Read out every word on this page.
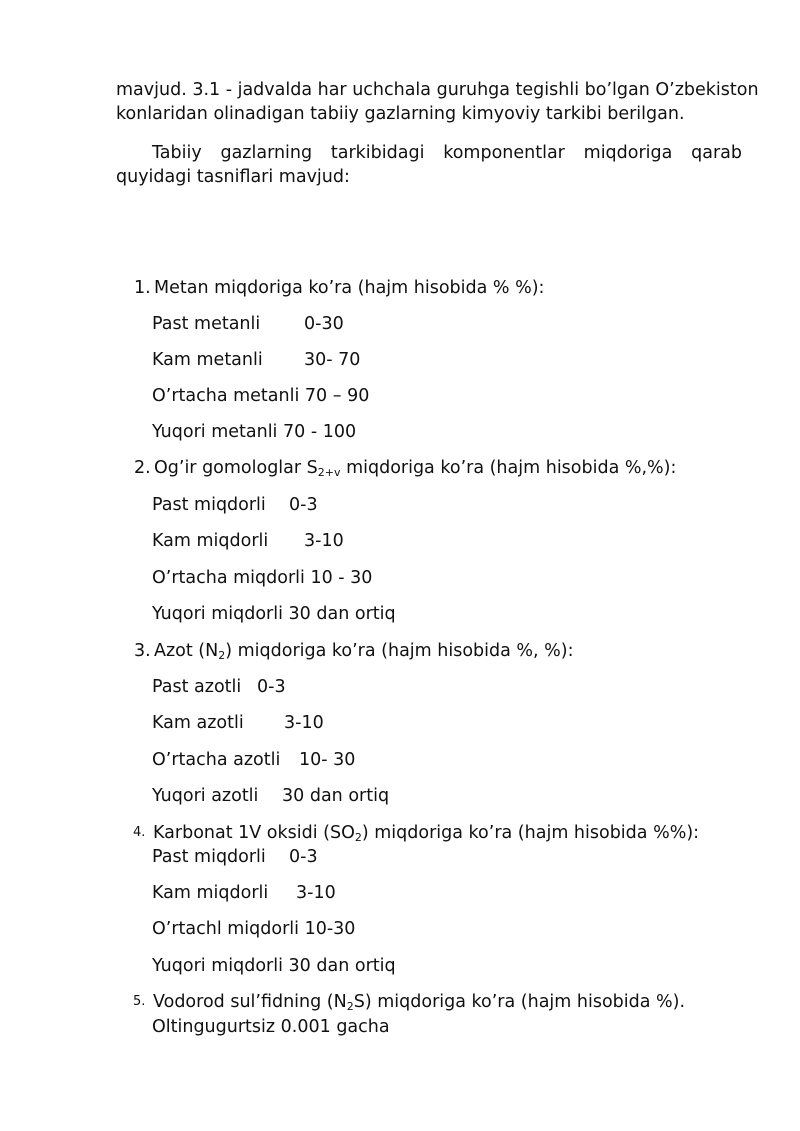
mavjud. 3.1 - jadvalda har uchchala guruhga tegishli bo’lgan O’zbekiston
konlaridan olinadigan tabiiy gazlarning kimyoviy tarkibi berilgan.
Tabiiy gazlarning tarkibidagi komponentlar miqdoriga qarab
quyidagi tasniflari mavjud:
1. Metan miqdoriga ko’ra (hajm hisobida % %):
Past metanli	0-30
Kam metanli 30- 70
O’rtacha metanli 70 – 90
Yuqori metanli 70 - 100
2. Og’ir gomologlar $S_{2+v}$ miqdoriga ko’ra (hajm hisobida %,%):
Past miqdorli 0-3
Kam miqdorli 3-10
O’rtacha miqdorli 10 - 30
Yuqori miqdorli 30 dan ortiq
3. Azot $(N_2)$ miqdoriga ko’ra (hajm hisobida %, %):
Past azotli 0-3
Kam azotli 3-10
O’rtacha azotli 10- 30
Yuqori azotli 30 dan ortiq
4. Karbonat 1V oksidi $(SO_2)$ miqdoriga ko’ra (hajm hisobida %%):
Past miqdorli 0-3
Kam miqdorli 3-10
O’rtachl miqdorli 10-30
Yuqori miqdorli 30 dan ortiq
5. Vodorod sul’fidning $(N_2S)$ miqdoriga ko’ra (hajm hisobida %).
Oltingugurtsiz 0.001 gacha
